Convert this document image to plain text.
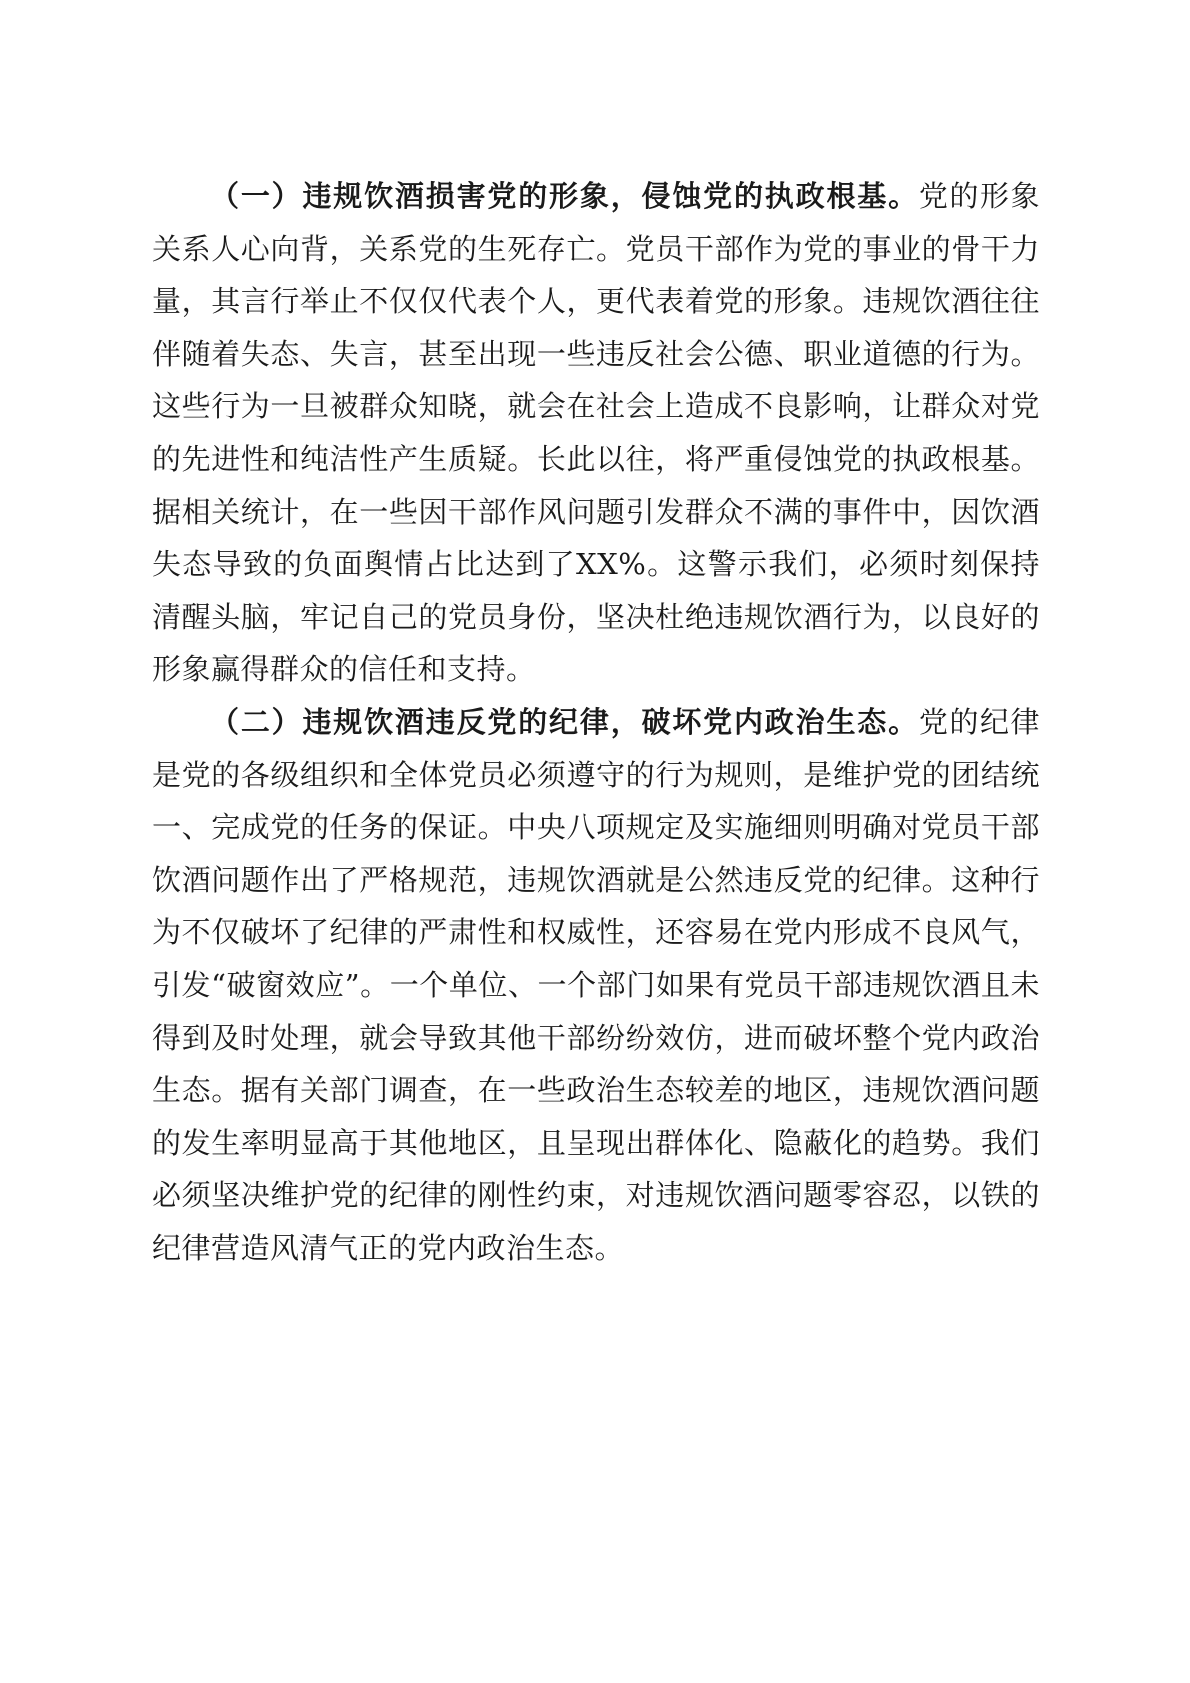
（一）违规饮酒损害党的形象，侵蚀党的执政根基。党的形象关系人心向背，关系党的生死存亡。党员干部作为党的事业的骨干力量，其言行举止不仅仅代表个人，更代表着党的形象。违规饮酒往往伴随着失态、失言，甚至出现一些违反社会公德、职业道德的行为。这些行为一旦被群众知晓，就会在社会上造成不良影响，让群众对党的先进性和纯洁性产生质疑。长此以往，将严重侵蚀党的执政根基。据相关统计，在一些因干部作风问题引发群众不满的事件中，因饮酒失态导致的负面舆情占比达到了XX%。这警示我们，必须时刻保持清醒头脑，牢记自己的党员身份，坚决杜绝违规饮酒行为，以良好的形象赢得群众的信任和支持。

（二）违规饮酒违反党的纪律，破坏党内政治生态。党的纪律是党的各级组织和全体党员必须遵守的行为规则，是维护党的团结统一、完成党的任务的保证。中央八项规定及实施细则明确对党员干部饮酒问题作出了严格规范，违规饮酒就是公然违反党的纪律。这种行为不仅破坏了纪律的严肃性和权威性，还容易在党内形成不良风气，引发“破窗效应”。一个单位、一个部门如果有党员干部违规饮酒且未得到及时处理，就会导致其他干部纷纷效仿，进而破坏整个党内政治生态。据有关部门调查，在一些政治生态较差的地区，违规饮酒问题的发生率明显高于其他地区，且呈现出群体化、隐蔽化的趋势。我们必须坚决维护党的纪律的刚性约束，对违规饮酒问题零容忍，以铁的纪律营造风清气正的党内政治生态。
